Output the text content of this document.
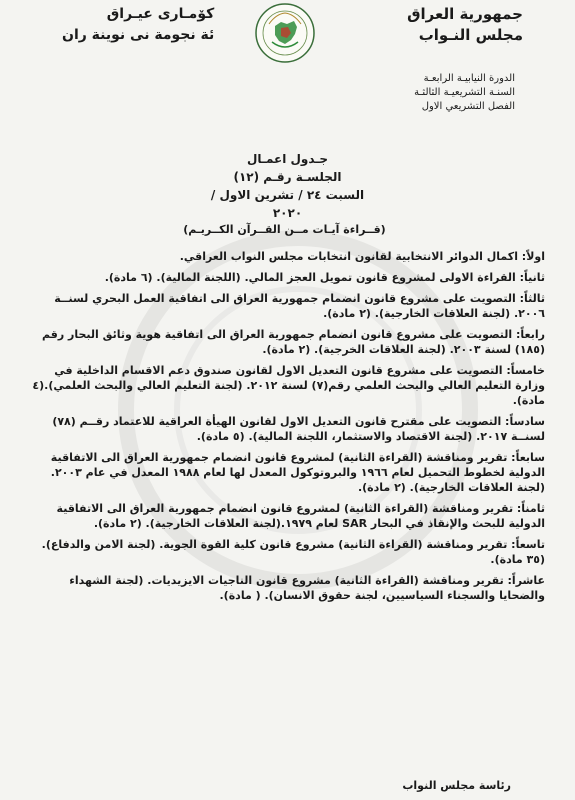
جمهورية العراق
مجلس النـواب
كۆمـارى عيـراق
ئة نجومة نى نوينة ران
الدورة النيابيـة الرابعـة
السنـة التشريعيـة الثالثـة
الفصل التشريعي الاول
جـدول اعمـال
الجلسـة رقـم (١٢)
السبت ٢٤ / تشرين الاول / ٢٠٢٠
(قــراءة آيـات مــن القــرآن الكــريـم)
اولاً: اكمال الدوائر الانتخابية لقانون انتخابات مجلس النواب العراقي.
ثانياً: القراءة الاولى لمشروع قانون تمويل العجز المالي. (اللجنة المالية). (٦ مادة).
ثالثاً: التصويت على مشروع قانون انضمام جمهورية العراق الى اتفاقية العمل البحري لسنــة ٢٠٠٦. (لجنة العلاقات الخارجية). (٢ مادة).
رابعاً: التصويت على مشروع قانون انضمام جمهورية العراق الى اتفاقية هوية وثائق البحار رقم (١٨٥) لسنة ٢٠٠٣. (لجنة العلاقات الخرجية). (٢ مادة).
خامساً: التصويت على مشروع قانون التعديل الاول لقانون صندوق دعم الاقسام الداخلية في وزارة التعليم العالي والبحث العلمي رقم(٧) لسنة ٢٠١٢. (لجنة التعليم العالي والبحث العلمي).(٤ مادة).
سادساً: التصويت على مقترح قانون التعديل الاول لقانون الهيأة العراقية للاعتماد رقــم (٧٨) لسنــة ٢٠١٧. (لجنة الاقتصاد والاستثمار، اللجنة المالية). (٥ مادة).
سابعاً: تقرير ومناقشة (القراءة الثانية) لمشروع قانون انضمام جمهورية العراق الى الاتفاقية الدولية لخطوط التحميل لعام ١٩٦٦ والبروتوكول المعدل لها لعام ١٩٨٨ المعدل في عام ٢٠٠٣. (لجنة العلاقات الخارجية). (٢ مادة).
ثامناً: تقرير ومناقشة (القراءة الثانية) لمشروع قانون انضمام جمهورية العراق الى الاتفاقية الدولية للبحث والإنقاذ في البحار SAR لعام ١٩٧٩.(لجنة العلاقات الخارجية). (٢ مادة).
تاسعاً: تقرير ومناقشة (القراءة الثانية) مشروع قانون كلية القوة الجوية. (لجنة الامن والدفاع). (٣٥ مادة).
عاشراً: تقرير ومناقشة (القراءة الثانية) مشروع قانون الناجيات الايزيديات. (لجنة الشهداء والضحايا والسجناء السياسيين، لجنة حقوق الانسان). ( مادة).
رئاسة مجلس النواب
